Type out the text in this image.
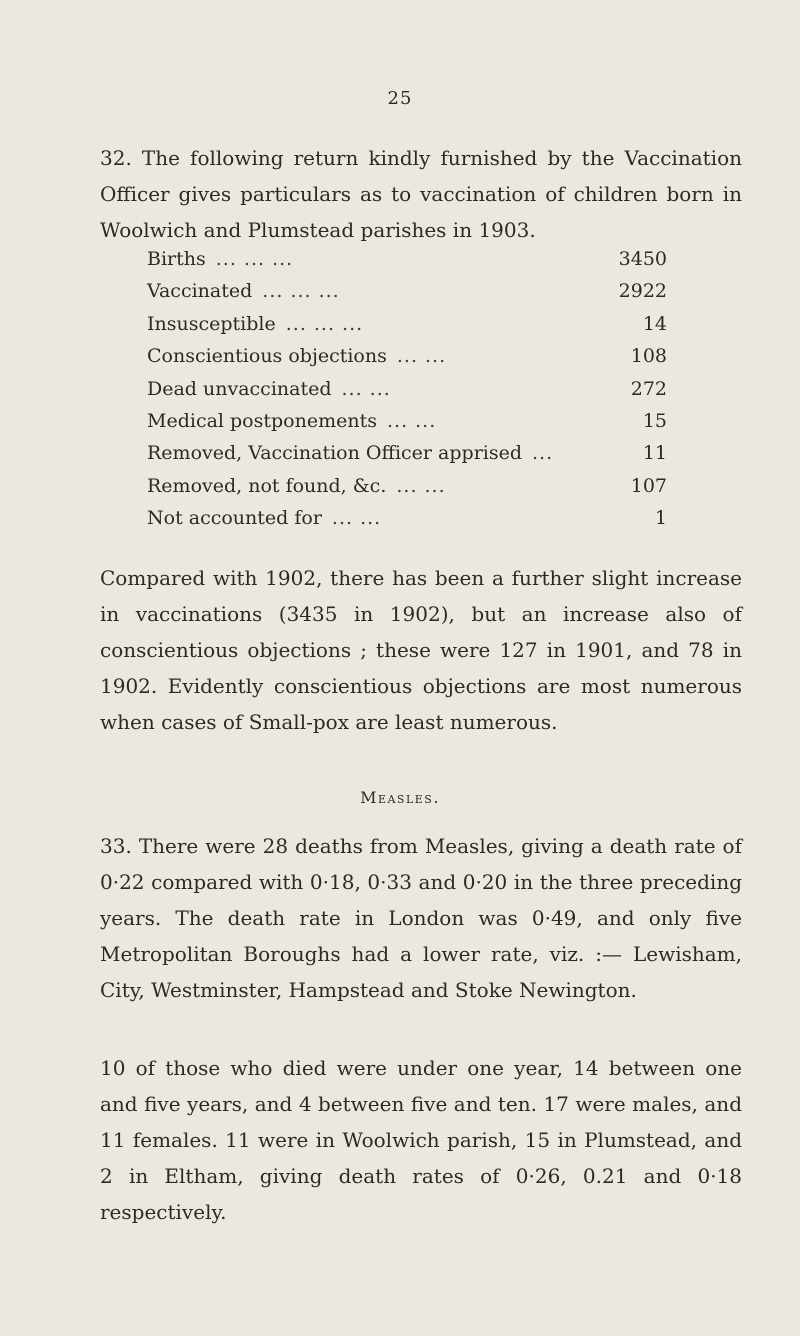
25

32. The following return kindly furnished by the Vaccination Officer gives particulars as to vaccination of children born in Woolwich and Plumstead parishes in 1903.

Births ... ... ...	3450
Vaccinated ... ... ...	2922
Insusceptible ... ... ...	14
Conscientious objections ... ...	108
Dead unvaccinated ... ...	272
Medical postponements ... ...	15
Removed, Vaccination Officer apprised ...	11
Removed, not found, &c. ... ...	107
Not accounted for ... ...	1

Compared with 1902, there has been a further slight increase in vaccinations (3435 in 1902), but an increase also of conscientious objections ; these were 127 in 1901, and 78 in 1902. Evidently conscientious objections are most numerous when cases of Small-pox are least numerous.

Measles.

33. There were 28 deaths from Measles, giving a death rate of 0·22 compared with 0·18, 0·33 and 0·20 in the three preceding years. The death rate in London was 0·49, and only five Metropolitan Boroughs had a lower rate, viz. :— Lewisham, City, Westminster, Hampstead and Stoke Newington.

10 of those who died were under one year, 14 between one and five years, and 4 between five and ten. 17 were males, and 11 females. 11 were in Woolwich parish, 15 in Plumstead, and 2 in Eltham, giving death rates of 0·26, 0.21 and 0·18 respectively.
